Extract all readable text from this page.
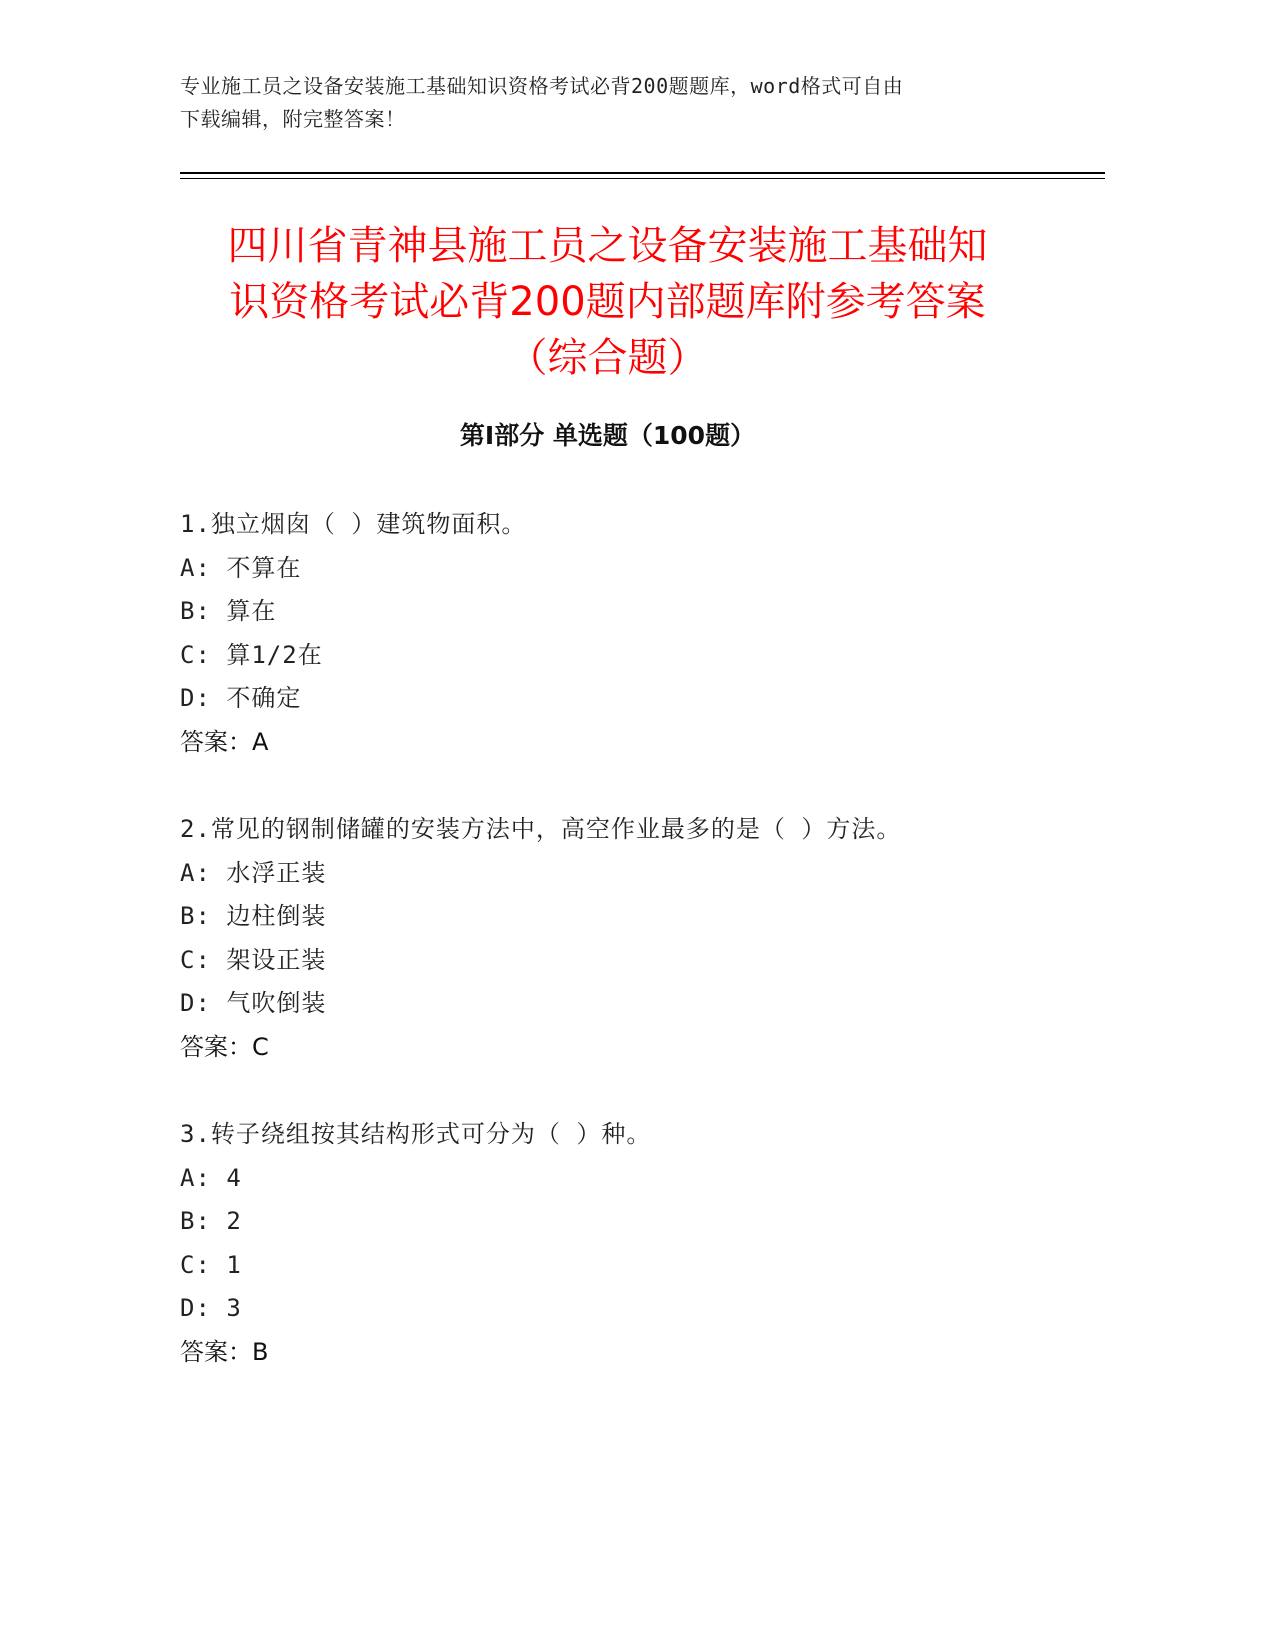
专业施工员之设备安装施工基础知识资格考试必背200题题库，word格式可自由
下载编辑，附完整答案！
四川省青神县施工员之设备安装施工基础知
识资格考试必背200题内部题库附参考答案
（综合题）
第Ⅰ部分 单选题（100题）
1.独立烟囱（ ）建筑物面积。
A: 不算在
B: 算在
C: 算1/2在
D: 不确定
答案：A
2.常见的钢制储罐的安装方法中，高空作业最多的是（ ）方法。
A: 水浮正装
B: 边柱倒装
C: 架设正装
D: 气吹倒装
答案：C
3.转子绕组按其结构形式可分为（ ）种。
A: 4
B: 2
C: 1
D: 3
答案：B
